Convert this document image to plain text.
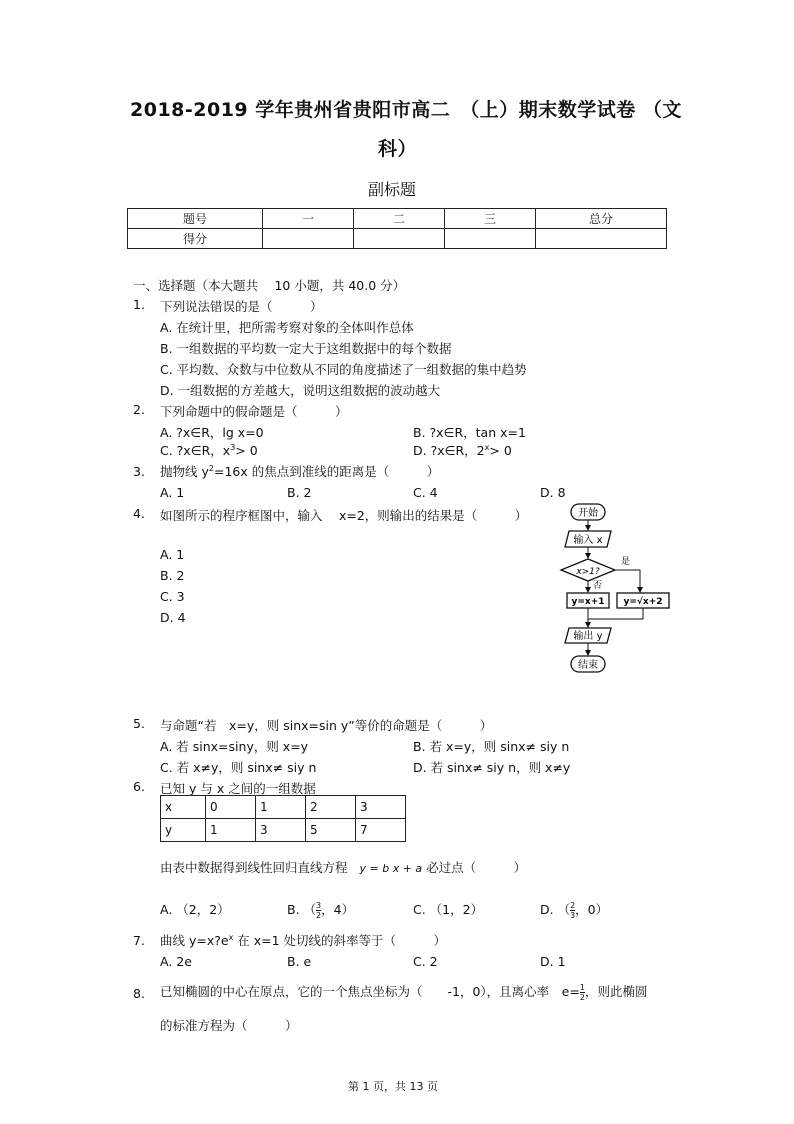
2018-2019 学年贵州省贵阳市高二　（上）期末数学试卷 （文
科）
副标题
题号	一	二	三	总分
得分				
一、选择题（本大题共　 10 小题，共 40.0 分）
1. 下列说法错误的是（　　　）
A. 在统计里，把所需考察对象的全体叫作总体
B. 一组数据的平均数一定大于这组数据中的每个数据
C. 平均数、众数与中位数从不同的角度描述了一组数据的集中趋势
D. 一组数据的方差越大，说明这组数据的波动越大
2. 下列命题中的假命题是（　　　）
A. ?x∈R，lg x=0	B. ?x∈R，tan x=1
C. ?x∈R，$x^3> 0$	D. ?x∈R，$2^x> 0$
3. 抛物线 $y^2=16x$ 的焦点到准线的距离是（　　　）
A. 1	B. 2	C. 4	D. 8
4. 如图所示的程序框图中，输入　 x=2，则输出的结果是（　　　）
A. 1
B. 2
C. 3
D. 4
开始
输入 x
x>1?
是
否
y=x+1 y=√x+2
输出 y
结束
5. 与命题“若　x=y，则 sinx=sin y”等价的命题是（　　　）
A. 若 sinx=siny，则 x=y	B. 若 x=y，则 sinx≠ siy n
C. 若 x≠y，则 sinx≠ siy n	D. 若 sinx≠ siy n，则 x≠y
6. 已知 y 与 x 之间的一组数据
x	0	1	2	3
y	1	3	5	7
由表中数据得到线性回归直线方程 y = b x + a 必过点（　　　）
A. （2，2）	B. （ $\frac{3}{2}$ ，4）	C. （1，2）	D. （ $\frac{2}{3}$ ，0）
7. 曲线 $y=x?e^x$ 在 x=1 处切线的斜率等于（　　　）
A. 2e	B. e	C. 2	D. 1
8. 已知椭圆的中心在原点，它的一个焦点坐标为（　　-1，0），且离心率　$e= \frac{1}{2}$ ，则此椭圆
的标准方程为（　　　）
第 1 页，共 13 页
